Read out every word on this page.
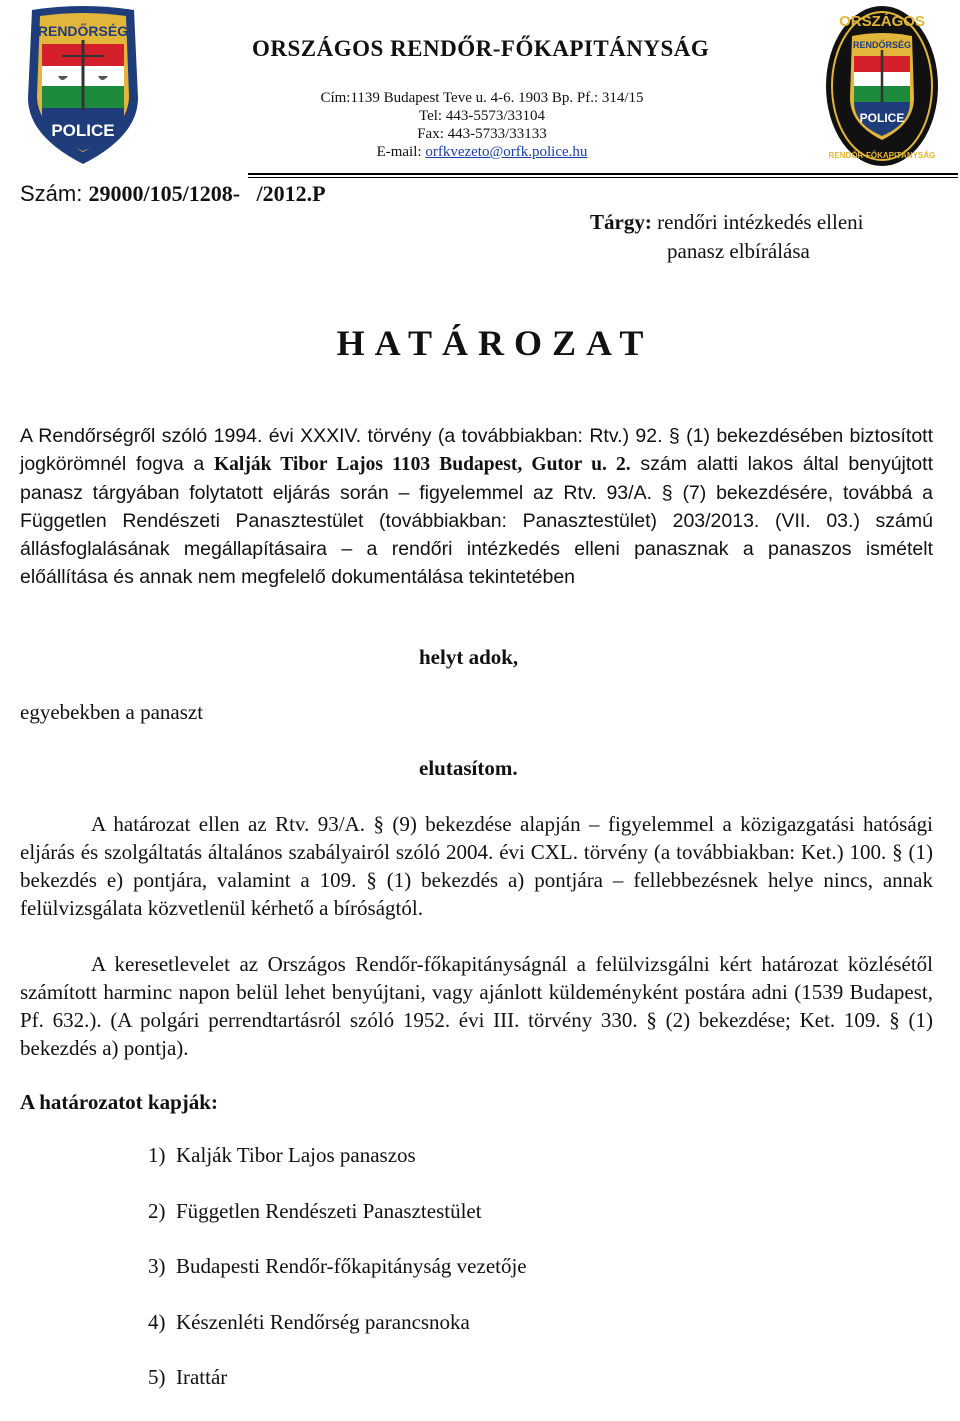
RENDŐRSÉG
POLICE
ORSZÁGOS
RENDŐRSÉG
POLICE
RENDŐR-FŐKAPITÁNYSÁG
ORSZÁGOS RENDŐR-FŐKAPITÁNYSÁG
Cím:1139 Budapest Teve u. 4-6. 1903 Bp. Pf.: 314/15
Tel: 443-5573/33104
Fax: 443-5733/33133
E-mail: orfkvezeto@orfk.police.hu
Szám: 29000/105/1208-   /2012.P
Tárgy: rendőri intézkedés elleni
panasz elbírálása
HATÁROZAT
A Rendőrségről szóló 1994. évi XXXIV. törvény (a továbbiakban: Rtv.) 92. § (1) bekezdésében biztosított jogkörömnél fogva a Kalják Tibor Lajos 1103 Budapest, Gutor u. 2. szám alatti lakos által benyújtott panasz tárgyában folytatott eljárás során – figyelemmel az Rtv. 93/A. § (7) bekezdésére, továbbá a Független Rendészeti Panasztestület (továbbiakban: Panasztestület) 203/2013. (VII. 03.) számú állásfoglalásának megállapításaira – a rendőri intézkedés elleni panasznak a panaszos ismételt előállítása és annak nem megfelelő dokumentálása tekintetében
helyt adok,
egyebekben a panaszt
elutasítom.
A határozat ellen az Rtv. 93/A. § (9) bekezdése alapján – figyelemmel a közigazgatási hatósági eljárás és szolgáltatás általános szabályairól szóló 2004. évi CXL. törvény (a továbbiakban: Ket.) 100. § (1) bekezdés e) pontjára, valamint a 109. § (1) bekezdés a) pontjára – fellebbezésnek helye nincs, annak felülvizsgálata közvetlenül kérhető a bíróságtól.
A keresetlevelet az Országos Rendőr-főkapitányságnál a felülvizsgálni kért határozat közlésétől számított harminc napon belül lehet benyújtani, vagy ajánlott küldeményként postára adni (1539 Budapest, Pf. 632.). (A polgári perrendtartásról szóló 1952. évi III. törvény 330. § (2) bekezdése; Ket. 109. § (1) bekezdés a) pontja).
A határozatot kapják:
1)  Kalják Tibor Lajos panaszos
2)  Független Rendészeti Panasztestület
3)  Budapesti Rendőr-főkapitányság vezetője
4)  Készenléti Rendőrség parancsnoka
5)  Irattár
